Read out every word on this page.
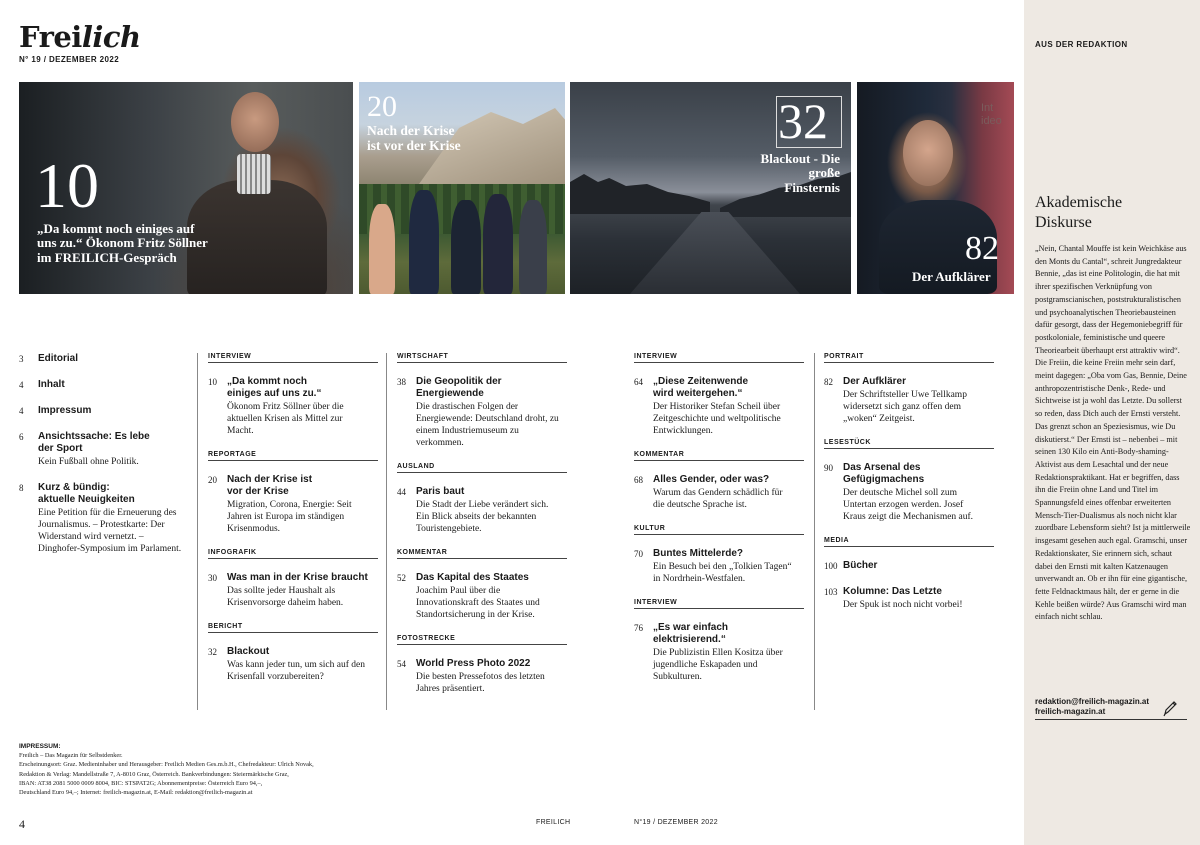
Freilich
N° 19 / DEZEMBER 2022
10
„Da kommt noch einiges auf uns zu.“ Ökonom Fritz Söllner im FREILICH-Gespräch
20
Nach der Krise ist vor der Krise	32
Blackout - Die große Finsternis
Int ideo
82
Der Aufklärer
3	Editorial
4	Inhalt
4	Impressum
6	Ansichtssache: Es lebe der Sport
Kein Fußball ohne Politik.
8	Kurz & bündig: aktuelle Neuigkeiten
Eine Petition für die Erneuerung des Journalismus. – Protestkarte: Der Widerstand wird vernetzt. – Dinghofer-Symposium im Parlament.
INTERVIEW
10	„Da kommt noch einiges auf uns zu.“
Ökonom Fritz Söllner über die aktuellen Krisen als Mittel zur Macht.
REPORTAGE
20	Nach der Krise ist vor der Krise
Migration, Corona, Energie: Seit Jahren ist Europa im ständigen Krisenmodus.
INFOGRAFIK
30	Was man in der Krise braucht
Das sollte jeder Haushalt als Krisenvorsorge daheim haben.
BERICHT
32	Blackout
Was kann jeder tun, um sich auf den Krisenfall vorzubereiten?
WIRTSCHAFT
38	Die Geopolitik der Energiewende
Die drastischen Folgen der Energiewende: Deutschland droht, zu einem Industriemuseum zu verkommen.
AUSLAND
44	Paris baut
Die Stadt der Liebe verändert sich. Ein Blick abseits der bekannten Touristengebiete.
KOMMENTAR
52	Das Kapital des Staates
Joachim Paul über die Innovationskraft des Staates und Standortsicherung in der Krise.
FOTOSTRECKE
54	World Press Photo 2022
Die besten Pressefotos des letzten Jahres präsentiert.
INTERVIEW
64	„Diese Zeitenwende wird weitergehen.“
Der Historiker Stefan Scheil über Zeitgeschichte und weltpolitische Entwicklungen.
KOMMENTAR
68	Alles Gender, oder was?
Warum das Gendern schädlich für die deutsche Sprache ist.
KULTUR
70	Buntes Mittelerde?
Ein Besuch bei den „Tolkien Tagen“ in Nordrhein-Westfalen.
INTERVIEW
76	„Es war einfach elektrisierend.“
Die Publizistin Ellen Kositza über jugendliche Eskapaden und Subkulturen.
PORTRAIT
82	Der Aufklärer
Der Schriftsteller Uwe Tellkamp widersetzt sich ganz offen dem „woken“ Zeitgeist.
LESESTÜCK
90	Das Arsenal des Gefügigmachens
Der deutsche Michel soll zum Untertan erzogen werden. Josef Kraus zeigt die Mechanismen auf.
MEDIA
100 Bücher
103 Kolumne: Das Letzte
Der Spuk ist noch nicht vorbei!
AUS DER REDAKTION
Akademische Diskurse
„Nein, Chantal Mouffe ist kein Weichkäse aus den Monts du Cantal“, schreit Jungredakteur Bennie, „das ist eine Politologin, die hat mit ihrer spezifischen Verknüpfung von postgramscianischen, poststrukturalistischen und psychoanalytischen Theoriebausteinen dafür gesorgt, dass der Hegemoniebegriff für postkoloniale, feministische und queere Theoriearbeit überhaupt erst attraktiv wird“. Die Freiin, die keine Freiin mehr sein darf, meint dagegen: „Oba vom Gas, Bennie, Deine anthropozentristische Denk-, Rede- und Sichtweise ist ja wohl das Letzte. Du sollerst so reden, dass Dich auch der Ernsti versteht. Das grenzt schon an Speziesismus, wie Du diskutierst.“ Der Ernsti ist – nebenbei – mit seinen 130 Kilo ein Anti-Body-shaming-Aktivist aus dem Lesachtal und der neue Redaktionspraktikant. Hat er begriffen, dass ihn die Freiin ohne Land und Titel im Spannungsfeld eines offenbar erweiterten Mensch-Tier-Dualismus als noch nicht klar zuordbare Lebensform sieht? Ist ja mittlerweile insgesamt gesehen auch egal. Gramschi, unser Redaktionskater, Sie erinnern sich, schaut dabei den Ernsti mit kalten Katzenaugen unverwandt an. Ob er ihn für eine gigantische, fette Feldnacktmaus hält, der er gerne in die Kehle beißen würde? Aus Gramschi wird man einfach nicht schlau.
redaktion@freilich-magazin.at
freilich-magazin.at
IMPRESSUM:
Freilich – Das Magazin für Selbstdenker.
Erscheinungsort: Graz. Medieninhaber und Herausgeber: Freilich Medien Ges.m.b.H., Chefredakteur: Ulrich Novak,
Redaktion & Verlag: Mandellstraße 7, A-8010 Graz, Österreich. Bankverbindungen: Steiermärkische Graz,
IBAN: AT38 2081 5000 0009 8004, BIC: STSPAT2G; Abonnementpreise: Österreich Euro 94,–,
Deutschland Euro 94,–; Internet: freilich-magazin.at, E-Mail: redaktion@freilich-magazin.at
4	FREILICH	N°19 / DEZEMBER 2022
